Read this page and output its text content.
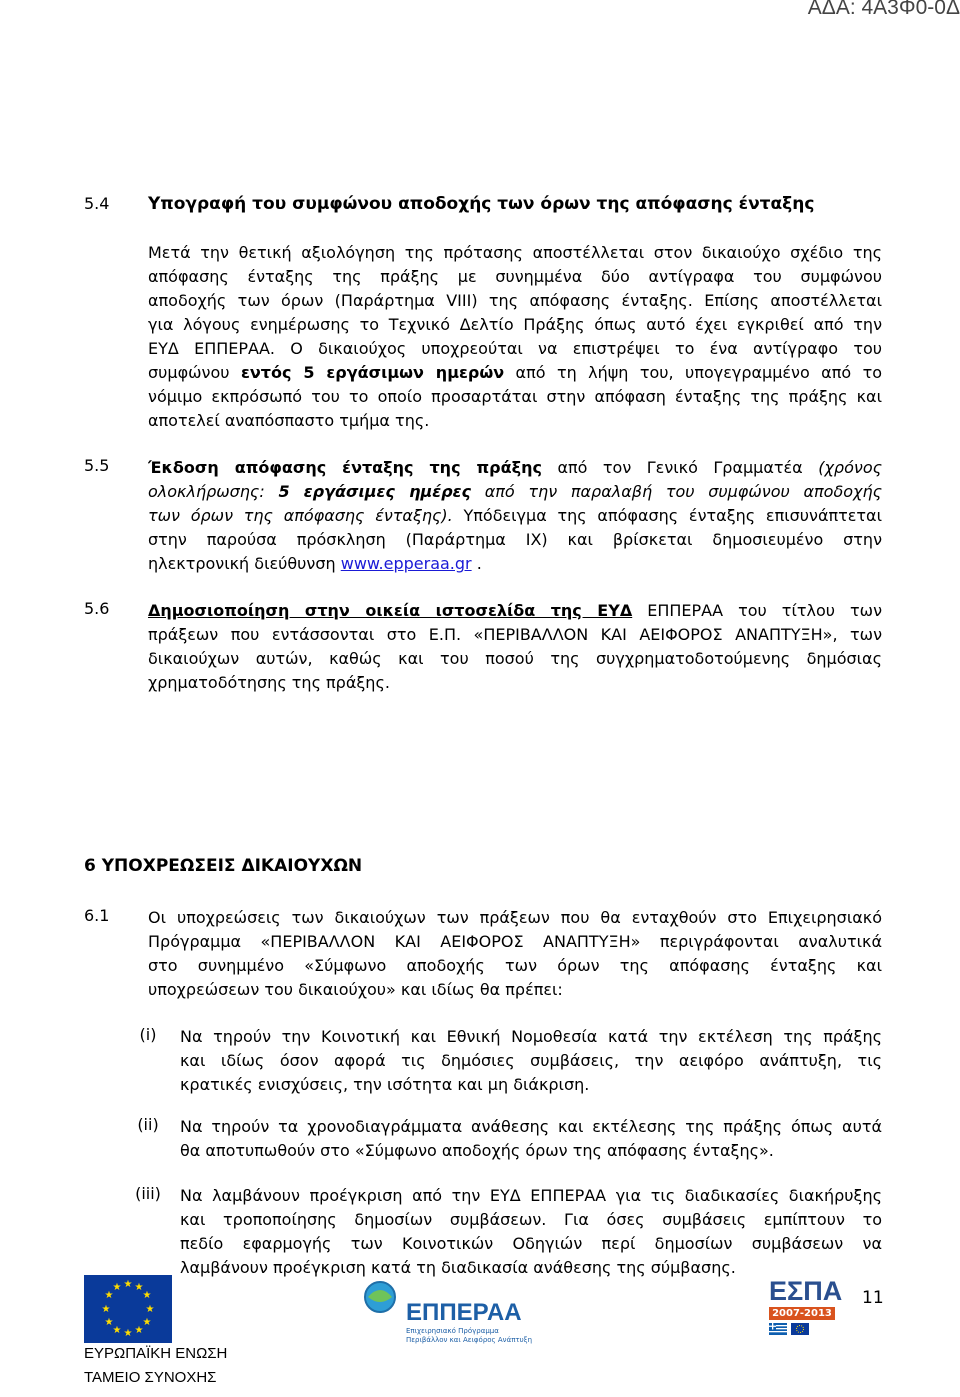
ΑΔΑ: 4Α3Φ0-0Δ
5.4 Υπογραφή του συμφώνου αποδοχής των όρων της απόφασης ένταξης
Μετά την θετική αξιολόγηση της πρότασης αποστέλλεται στον δικαιούχο σχέδιο της
απόφασης ένταξης της πράξης με συνημμένα δύο αντίγραφα του συμφώνου
αποδοχής των όρων (Παράρτημα VIII) της απόφασης ένταξης. Επίσης αποστέλλεται
για λόγους ενημέρωσης το Τεχνικό Δελτίο Πράξης όπως αυτό έχει εγκριθεί από την
ΕΥΔ ΕΠΠΕΡΑΑ. Ο δικαιούχος υποχρεούται να επιστρέψει το ένα αντίγραφο του
συμφώνου εντός 5 εργάσιμων ημερών από τη λήψη του, υπογεγραμμένο από το
νόμιμο εκπρόσωπό του το οποίο προσαρτάται στην απόφαση ένταξης της πράξης και
αποτελεί αναπόσπαστο τμήμα της.
5.5 Έκδοση απόφασης ένταξης της πράξης από τον Γενικό Γραμματέα (χρόνος
ολοκλήρωσης: 5 εργάσιμες ημέρες από την παραλαβή του συμφώνου αποδοχής
των όρων της απόφασης ένταξης). Υπόδειγμα της απόφασης ένταξης επισυνάπτεται
στην παρούσα πρόσκληση (Παράρτημα IX) και βρίσκεται δημοσιευμένο στην
ηλεκτρονική διεύθυνση www.epperaa.gr .
5.6 Δημοσιοποίηση στην οικεία ιστοσελίδα της ΕΥΔ ΕΠΠΕΡΑΑ του τίτλου των
πράξεων που εντάσσονται στο Ε.Π. «ΠΕΡΙΒΑΛΛΟΝ ΚΑΙ ΑΕΙΦΟΡΟΣ ΑΝΑΠΤΥΞΗ», των
δικαιούχων αυτών, καθώς και του ποσού της συγχρηματοδοτούμενης δημόσιας
χρηματοδότησης της πράξης.
6 ΥΠΟΧΡΕΩΣΕΙΣ ΔΙΚΑΙΟΥΧΩΝ
6.1 Οι υποχρεώσεις των δικαιούχων των πράξεων που θα ενταχθούν στο Επιχειρησιακό
Πρόγραμμα «ΠΕΡΙΒΑΛΛΟΝ ΚΑΙ ΑΕΙΦΟΡΟΣ ΑΝΑΠΤΥΞΗ» περιγράφονται αναλυτικά
στο συνημμένο «Σύμφωνο αποδοχής των όρων της απόφασης ένταξης και
υποχρεώσεων του δικαιούχου» και ιδίως θα πρέπει:
(i)	Να τηρούν την Κοινοτική και Εθνική Νομοθεσία κατά την εκτέλεση της πράξης
και ιδίως όσον αφορά τις δημόσιες συμβάσεις, την αειφόρο ανάπτυξη, τις
κρατικές ενισχύσεις, την ισότητα και μη διάκριση.
(ii)	Να τηρούν τα χρονοδιαγράμματα ανάθεσης και εκτέλεσης της πράξης όπως αυτά
θα αποτυπωθούν στο «Σύμφωνο αποδοχής όρων της απόφασης ένταξης».
(iii)	Να λαμβάνουν προέγκριση από την ΕΥΔ ΕΠΠΕΡΑΑ για τις διαδικασίες διακήρυξης
και τροποποίησης δημοσίων συμβάσεων. Για όσες συμβάσεις εμπίπτουν το
πεδίο εφαρμογής των Κοινοτικών Οδηγιών περί δημοσίων συμβάσεων να
λαμβάνουν προέγκριση κατά τη διαδικασία ανάθεσης της σύμβασης.
11
★ ★
★
★
★
★
★
★
★
★
★
★
ΕΥΡΩΠΑΪΚΗ ΕΝΩΣΗ
ΤΑΜΕΙΟ ΣΥΝΟΧΗΣ
ΕΠΠΕΡΑΑ
Επιχειρησιακό Πρόγραμμα
Περιβάλλον και Αειφόρος Ανάπτυξη
ΕΣΠΑ
2007-2013
